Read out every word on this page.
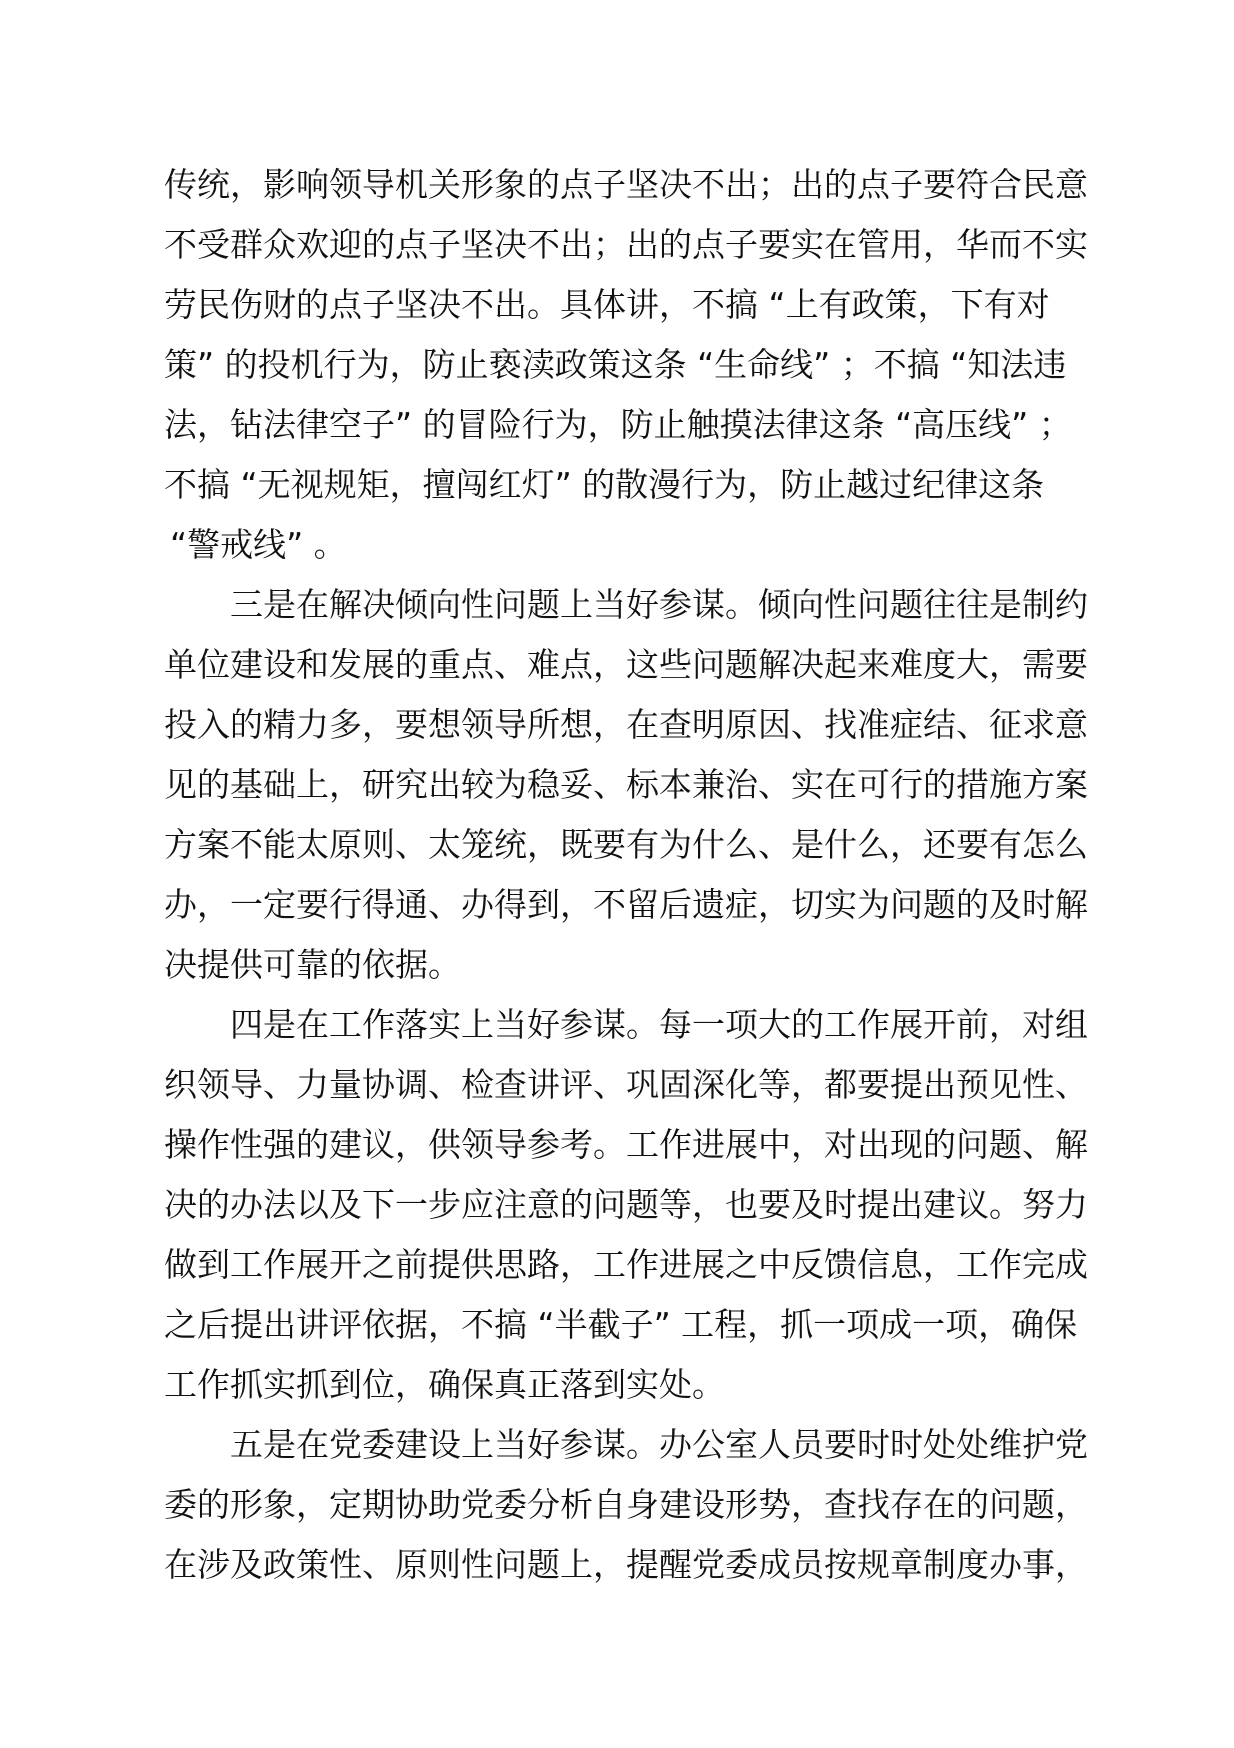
传统，影响领导机关形象的点子坚决不出；出的点子要符合民意
不受群众欢迎的点子坚决不出；出的点子要实在管用，华而不实
劳民伤财的点子坚决不出。具体讲，不搞 “上有政策，下有对
策” 的投机行为，防止亵渎政策这条 “生命线” ；不搞 “知法违
法，钻法律空子” 的冒险行为，防止触摸法律这条 “高压线” ；
不搞 “无视规矩，擅闯红灯” 的散漫行为，防止越过纪律这条
“警戒线” 。
三是在解决倾向性问题上当好参谋。倾向性问题往往是制约
单位建设和发展的重点、难点，这些问题解决起来难度大，需要
投入的精力多，要想领导所想，在查明原因、找准症结、征求意
见的基础上，研究出较为稳妥、标本兼治、实在可行的措施方案
方案不能太原则、太笼统，既要有为什么、是什么，还要有怎么
办，一定要行得通、办得到，不留后遗症，切实为问题的及时解
决提供可靠的依据。
四是在工作落实上当好参谋。每一项大的工作展开前，对组
织领导、力量协调、检查讲评、巩固深化等，都要提出预见性、
操作性强的建议，供领导参考。工作进展中，对出现的问题、解
决的办法以及下一步应注意的问题等，也要及时提出建议。努力
做到工作展开之前提供思路，工作进展之中反馈信息，工作完成
之后提出讲评依据，不搞 “半截子” 工程，抓一项成一项，确保
工作抓实抓到位，确保真正落到实处。
五是在党委建设上当好参谋。办公室人员要时时处处维护党
委的形象，定期协助党委分析自身建设形势，查找存在的问题，
在涉及政策性、原则性问题上，提醒党委成员按规章制度办事，
